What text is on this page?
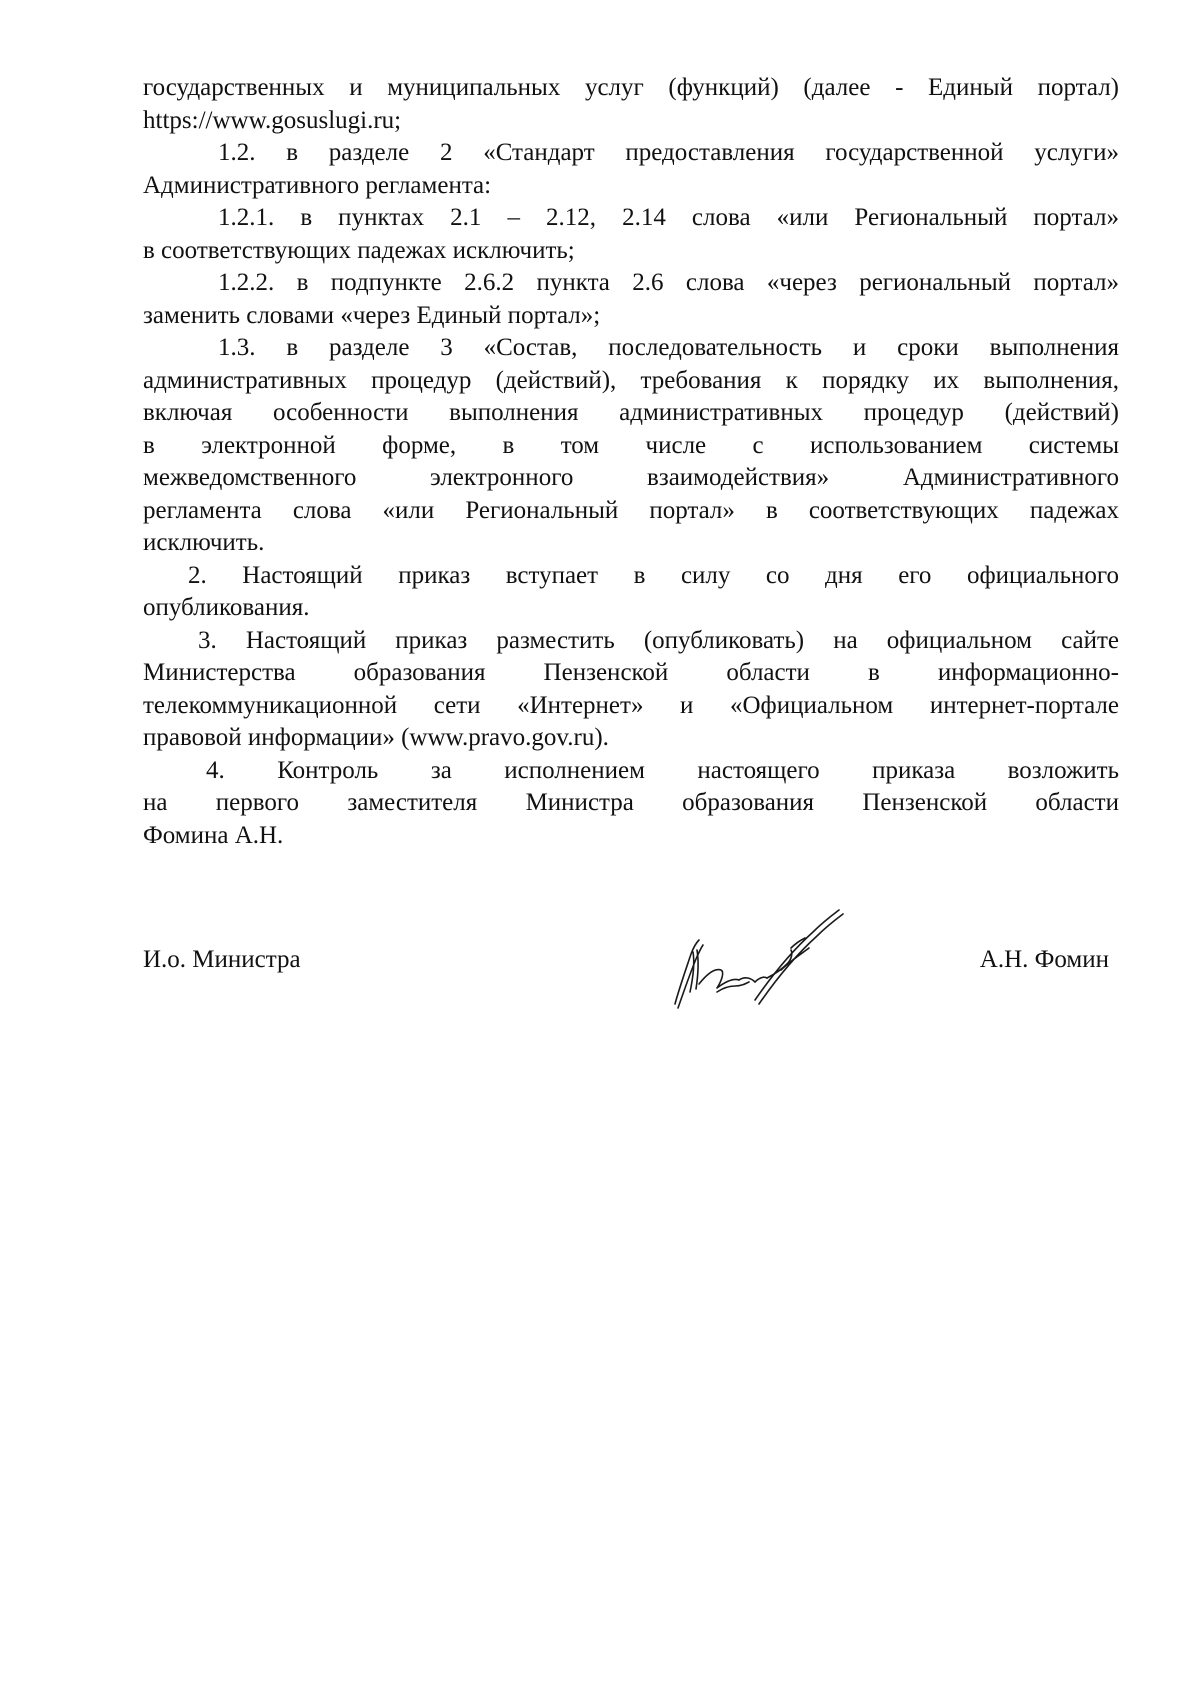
государственных и муниципальных услуг (функций) (далее - Единый портал)
https://www.gosuslugi.ru;

1.2. в разделе 2 «Стандарт предоставления государственной услуги»
Административного регламента:

1.2.1. в пунктах 2.1 – 2.12, 2.14 слова «или Региональный портал»
в соответствующих падежах исключить;

1.2.2. в подпункте 2.6.2 пункта 2.6 слова «через региональный портал»
заменить словами «через Единый портал»;

1.3. в разделе 3 «Состав, последовательность и сроки выполнения
административных процедур (действий), требования к порядку их выполнения,
включая особенности выполнения административных процедур (действий)
в электронной форме, в том числе с использованием системы
межведомственного электронного взаимодействия» Административного
регламента слова «или Региональный портал» в соответствующих падежах
исключить.

2. Настоящий приказ вступает в силу со дня его официального
опубликования.

3. Настоящий приказ разместить (опубликовать) на официальном сайте
Министерства образования Пензенской области в информационно-
телекоммуникационной сети «Интернет» и «Официальном интернет-портале
правовой информации» (www.pravo.gov.ru).

4. Контроль за исполнением настоящего приказа возложить
на первого заместителя Министра образования Пензенской области
Фомина А.Н.

И.о. Министра	А.Н. Фомин
